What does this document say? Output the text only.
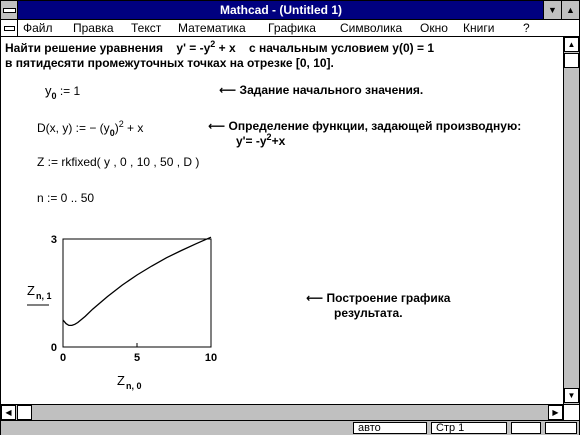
Mathcad - (Untitled 1)	▼ ▲
Файл Правка Текст Математика Графика Символика Окно Книги ?
Найти решение уравнения $y' = -y^2 + x$ с начальным условием y(0) = 1
в пятидесяти промежуточных точках на отрезке [0, 10].
$y_0$ := 1	⟵ Задание начального значения.
D(x, y) := − $(y_0)^2 + x$	⟵ Определение функции, задающей производную:
$y'= -y^2+x$
Z := rkfixed( y , 0 , 10 , 50 , D )
n := 0 .. 50
0	5	10
0
3
Z n, 0
Z n, 1	⟵ Построение графика
результата.
▲
▼
◀	▶
авто	Стр 1
